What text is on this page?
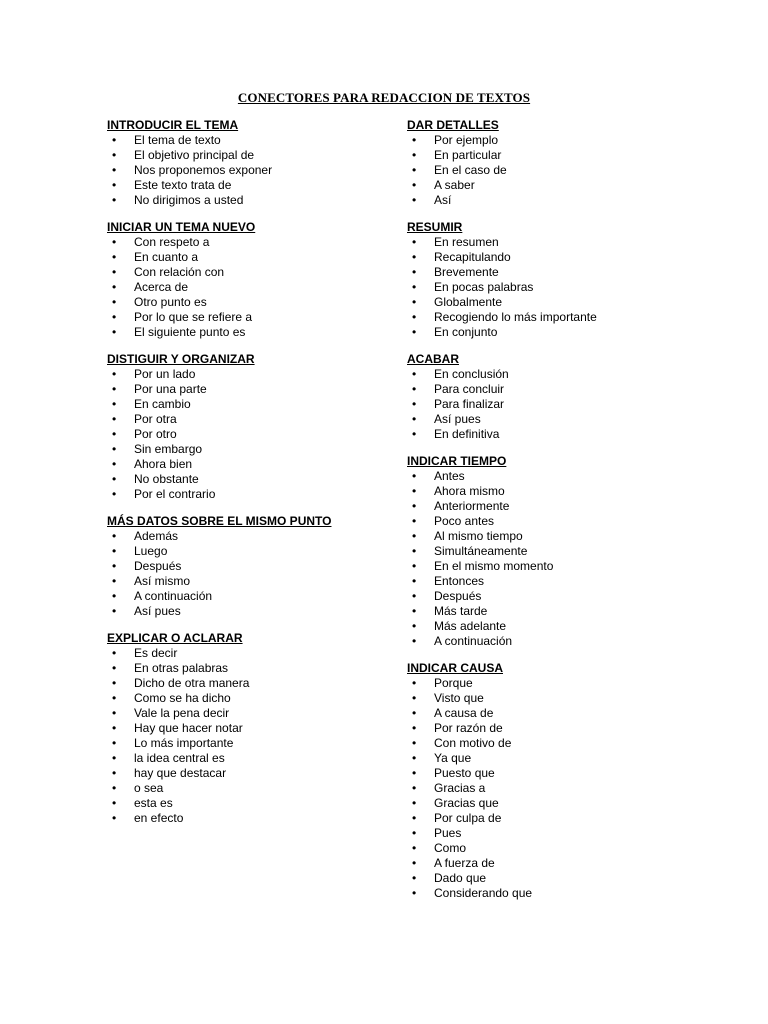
CONECTORES PARA REDACCION DE TEXTOS

INTRODUCIR EL TEMA

• El tema de texto
• El objetivo principal de
• Nos proponemos exponer
• Este texto trata de
• No dirigimos a usted

INICIAR UN TEMA NUEVO

• Con respeto a
• En cuanto a
• Con relación con
• Acerca de
• Otro punto es
• Por lo que se refiere a
• El siguiente punto es

DISTIGUIR Y ORGANIZAR

• Por un lado
• Por una parte
• En cambio
• Por otra
• Por otro
• Sin embargo
• Ahora bien
• No obstante
• Por el contrario

MÁS DATOS SOBRE EL MISMO PUNTO

• Además
• Luego
• Después
• Así mismo
• A continuación
• Así pues

EXPLICAR O ACLARAR

• Es decir
• En otras palabras
• Dicho de otra manera
• Como se ha dicho
• Vale la pena decir
• Hay que hacer notar
• Lo más importante
• la idea central es
• hay que destacar
• o sea
• esta es
• en efecto

DAR DETALLES

• Por ejemplo
• En particular
• En el caso de
• A saber
• Así

RESUMIR

• En resumen
• Recapitulando
• Brevemente
• En pocas palabras
• Globalmente
• Recogiendo lo más importante
• En conjunto

ACABAR

• En conclusión
• Para concluir
• Para finalizar
• Así pues
• En definitiva

INDICAR TIEMPO

• Antes
• Ahora mismo
• Anteriormente
• Poco antes
• Al mismo tiempo
• Simultáneamente
• En el mismo momento
• Entonces
• Después
• Más tarde
• Más adelante
• A continuación

INDICAR CAUSA

• Porque
• Visto que
• A causa de
• Por razón de
• Con motivo de
• Ya que
• Puesto que
• Gracias a
• Gracias que
• Por culpa de
• Pues
• Como
• A fuerza de
• Dado que
• Considerando que
